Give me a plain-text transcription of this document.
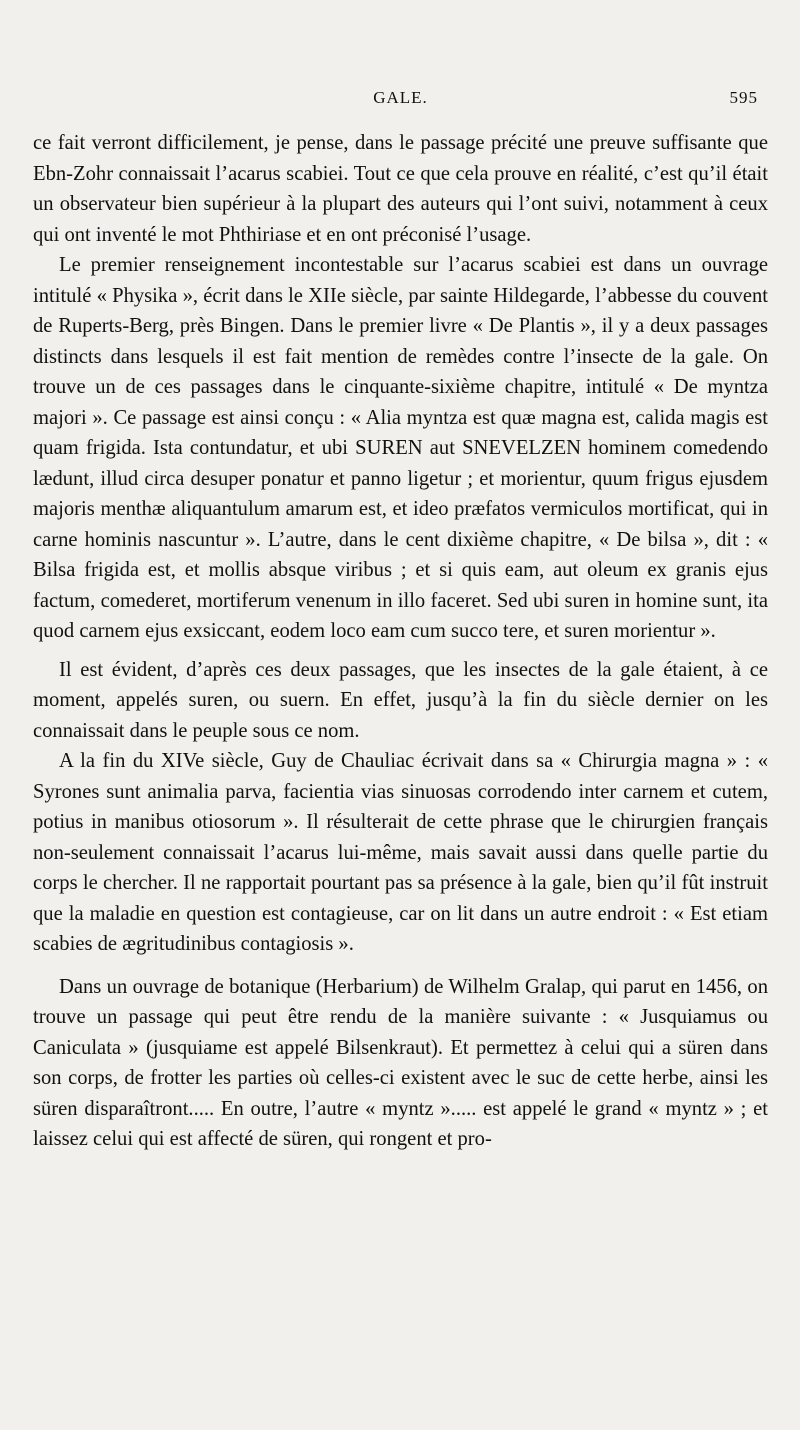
GALE.	595

ce fait verront difficilement, je pense, dans le passage précité une preuve suffisante que Ebn-Zohr connaissait l’acarus scabiei. Tout ce que cela prouve en réalité, c’est qu’il était un observateur bien supérieur à la plupart des auteurs qui l’ont suivi, notamment à ceux qui ont inventé le mot Phthiriase et en ont préconisé l’usage.

Le premier renseignement incontestable sur l’acarus scabiei est dans un ouvrage intitulé « Physika », écrit dans le XIIe siècle, par sainte Hildegarde, l’abbesse du couvent de Ruperts-Berg, près Bingen. Dans le premier livre « De Plantis », il y a deux passages distincts dans lesquels il est fait mention de remèdes contre l’insecte de la gale. On trouve un de ces passages dans le cinquante-sixième chapitre, intitulé « De myntza majori ». Ce passage est ainsi conçu : « Alia myntza est quæ magna est, calida magis est quam frigida. Ista contundatur, et ubi SUREN aut SNEVELZEN hominem comedendo lædunt, illud circa desuper ponatur et panno ligetur ; et morientur, quum frigus ejusdem majoris menthæ aliquantulum amarum est, et ideo præfatos vermiculos mortificat, qui in carne hominis nascuntur ». L’autre, dans le cent dixième chapitre, « De bilsa », dit : « Bilsa frigida est, et mollis absque viribus ; et si quis eam, aut oleum ex granis ejus factum, comederet, mortiferum venenum in illo faceret. Sed ubi suren in homine sunt, ita quod carnem ejus exsiccant, eodem loco eam cum succo tere, et suren morientur ».

Il est évident, d’après ces deux passages, que les insectes de la gale étaient, à ce moment, appelés suren, ou suern. En effet, jusqu’à la fin du siècle dernier on les connaissait dans le peuple sous ce nom.

A la fin du XIVe siècle, Guy de Chauliac écrivait dans sa « Chirurgia magna » : « Syrones sunt animalia parva, facientia vias sinuosas corrodendo inter carnem et cutem, potius in manibus otiosorum ». Il résulterait de cette phrase que le chirurgien français non-seulement connaissait l’acarus lui-même, mais savait aussi dans quelle partie du corps le chercher. Il ne rapportait pourtant pas sa présence à la gale, bien qu’il fût instruit que la maladie en question est contagieuse, car on lit dans un autre endroit : « Est etiam scabies de ægritudinibus contagiosis ».

Dans un ouvrage de botanique (Herbarium) de Wilhelm Gralap, qui parut en 1456, on trouve un passage qui peut être rendu de la manière suivante : « Jusquiamus ou Caniculata » (jusquiame est appelé Bilsenkraut). Et permettez à celui qui a süren dans son corps, de frotter les parties où celles-ci existent avec le suc de cette herbe, ainsi les süren disparaîtront..... En outre, l’autre « myntz »..... est appelé le grand « myntz » ; et laissez celui qui est affecté de süren, qui rongent et pro-
